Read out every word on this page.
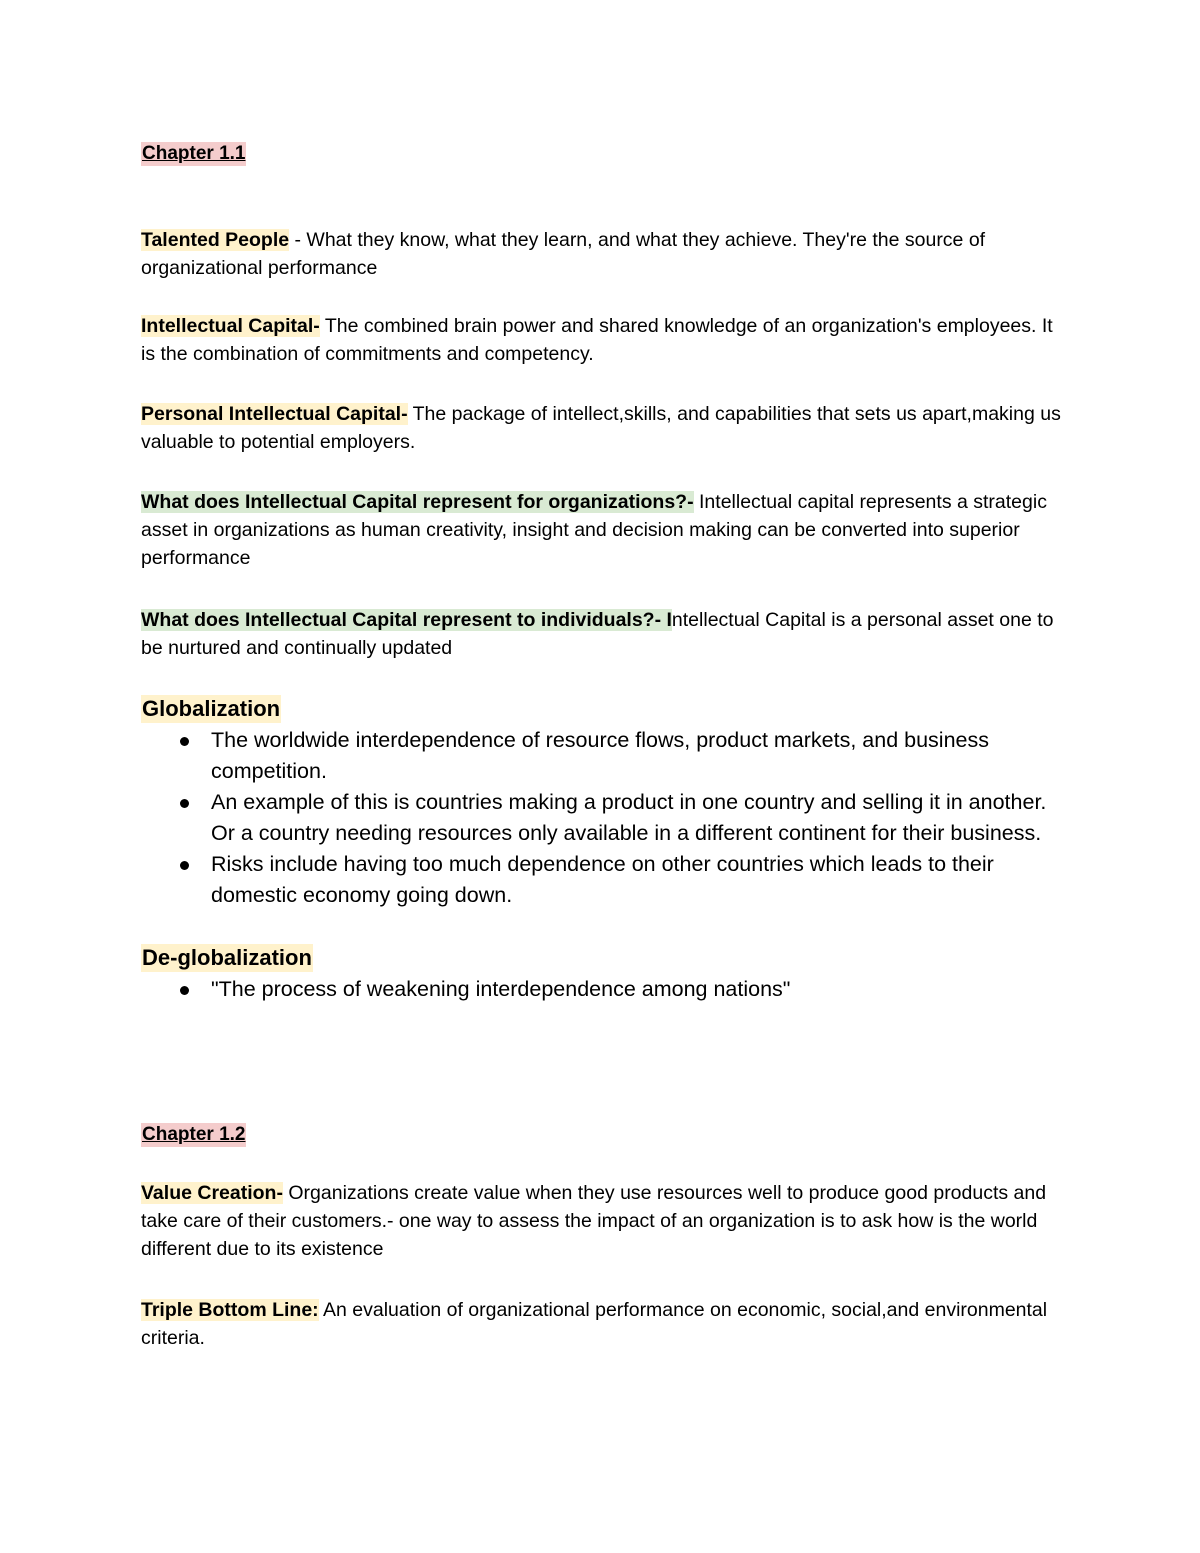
Chapter 1.1
Talented People - What they know, what they learn, and what they achieve. They're the source of organizational performance
Intellectual Capital- The combined brain power and shared knowledge of an organization's employees. It is the combination of commitments and competency.
Personal Intellectual Capital- The package of intellect,skills, and capabilities that sets us apart,making us valuable to potential employers.
What does Intellectual Capital represent for organizations?- Intellectual capital represents a strategic asset in organizations as human creativity, insight and decision making can be converted into superior performance
What does Intellectual Capital represent to individuals?- Intellectual Capital is a personal asset one to be nurtured and continually updated
Globalization
The worldwide interdependence of resource flows, product markets, and business competition.
An example of this is countries making a product in one country and selling it in another. Or a country needing resources only available in a different continent for their business.
Risks include having too much dependence on other countries which leads to their domestic economy going down.
De-globalization
"The process of weakening interdependence among nations"
Chapter 1.2
Value Creation- Organizations create value when they use resources well to produce good products and take care of their customers.- one way to assess the impact of an organization is to ask how is the world different due to its existence
Triple Bottom Line: An evaluation of organizational performance on economic, social,and environmental criteria.
